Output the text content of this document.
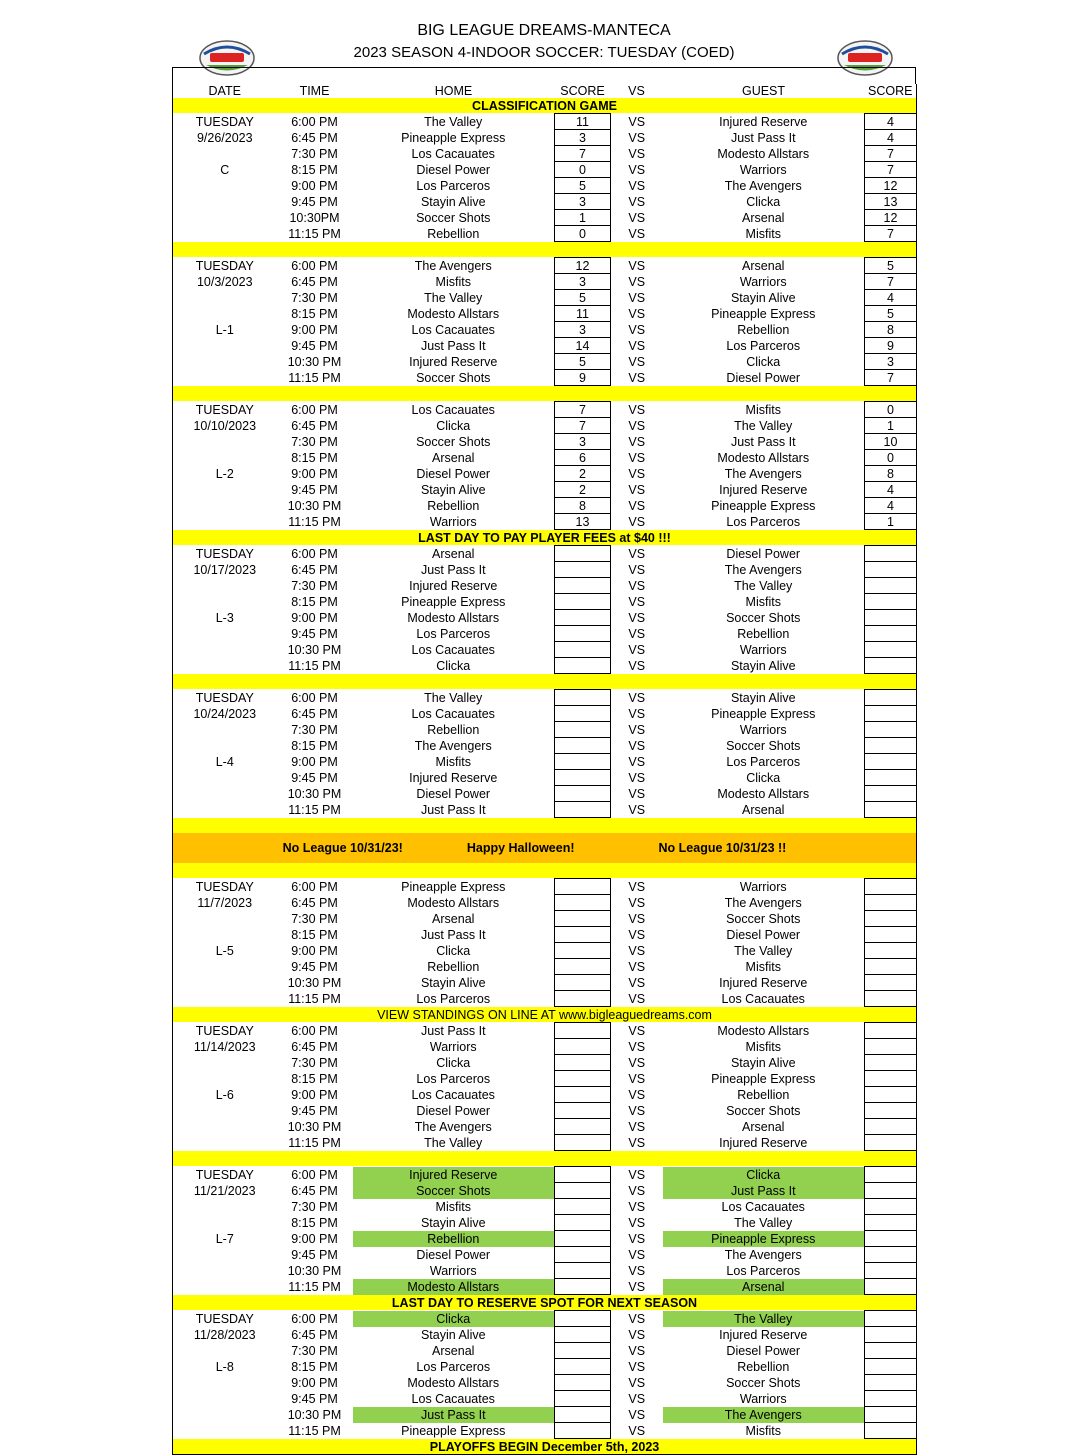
BIG LEAGUE DREAMS-MANTECA
2023 SEASON 4-INDOOR SOCCER: TUESDAY (COED)
DATE	TIME	HOME	SCORE	VS	GUEST	SCORE
CLASSIFICATION GAME						
TUESDAY	6:00 PM	The Valley	11	VS	Injured Reserve	4
9/26/2023	6:45 PM	Pineapple Express	3	VS	Just Pass It	4
	7:30 PM	Los Cacauates	7	VS	Modesto Allstars	7
C	8:15 PM	Diesel Power	0	VS	Warriors	7
	9:00 PM	Los Parceros	5	VS	The Avengers	12
	9:45 PM	Stayin Alive	3	VS	Clicka	13
	10:30PM	Soccer Shots	1	VS	Arsenal	12
	11:15 PM	Rebellion	0	VS	Misfits	7

TUESDAY	6:00 PM	The Avengers	12	VS	Arsenal	5
10/3/2023	6:45 PM	Misfits	3	VS	Warriors	7
	7:30 PM	The Valley	5	VS	Stayin Alive	4
	8:15 PM	Modesto Allstars	11	VS	Pineapple Express	5
L-1	9:00 PM	Los Cacauates	3	VS	Rebellion	8
	9:45 PM	Just Pass It	14	VS	Los Parceros	9
	10:30 PM	Injured Reserve	5	VS	Clicka	3
	11:15 PM	Soccer Shots	9	VS	Diesel Power	7

TUESDAY	6:00 PM	Los Cacauates	7	VS	Misfits	0
10/10/2023	6:45 PM	Clicka	7	VS	The Valley	1
	7:30 PM	Soccer Shots	3	VS	Just Pass It	10
	8:15 PM	Arsenal	6	VS	Modesto Allstars	0
L-2	9:00 PM	Diesel Power	2	VS	The Avengers	8
	9:45 PM	Stayin Alive	2	VS	Injured Reserve	4
	10:30 PM	Rebellion	8	VS	Pineapple Express	4
	11:15 PM	Warriors	13	VS	Los Parceros	1
LAST DAY TO PAY PLAYER FEES at $40 !!!						
TUESDAY	6:00 PM	Arsenal		VS	Diesel Power	
10/17/2023	6:45 PM	Just Pass It		VS	The Avengers	
	7:30 PM	Injured Reserve		VS	The Valley	
	8:15 PM	Pineapple Express		VS	Misfits	
L-3	9:00 PM	Modesto Allstars		VS	Soccer Shots	
	9:45 PM	Los Parceros		VS	Rebellion	
	10:30 PM	Los Cacauates		VS	Warriors	
	11:15 PM	Clicka		VS	Stayin Alive	

TUESDAY	6:00 PM	The Valley		VS	Stayin Alive	
10/24/2023	6:45 PM	Los Cacauates		VS	Pineapple Express	
	7:30 PM	Rebellion		VS	Warriors	
	8:15 PM	The Avengers		VS	Soccer Shots	
L-4	9:00 PM	Misfits		VS	Los Parceros	
	9:45 PM	Injured Reserve		VS	Clicka	
	10:30 PM	Diesel Power		VS	Modesto Allstars	
	11:15 PM	Just Pass It		VS	Arsenal	

No League 10/31/23! Happy Halloween! No League 10/31/23 !!						

TUESDAY	6:00 PM	Pineapple Express		VS	Warriors	
11/7/2023	6:45 PM	Modesto Allstars		VS	The Avengers	
	7:30 PM	Arsenal		VS	Soccer Shots	
	8:15 PM	Just Pass It		VS	Diesel Power	
L-5	9:00 PM	Clicka		VS	The Valley	
	9:45 PM	Rebellion		VS	Misfits	
	10:30 PM	Stayin Alive		VS	Injured Reserve	
	11:15 PM	Los Parceros		VS	Los Cacauates	
VIEW STANDINGS ON LINE AT www.bigleaguedreams.com						
TUESDAY	6:00 PM	Just Pass It		VS	Modesto Allstars	
11/14/2023	6:45 PM	Warriors		VS	Misfits	
	7:30 PM	Clicka		VS	Stayin Alive	
	8:15 PM	Los Parceros		VS	Pineapple Express	
L-6	9:00 PM	Los Cacauates		VS	Rebellion	
	9:45 PM	Diesel Power		VS	Soccer Shots	
	10:30 PM	The Avengers		VS	Arsenal	
	11:15 PM	The Valley		VS	Injured Reserve	

TUESDAY	6:00 PM	Injured Reserve		VS	Clicka	
11/21/2023	6:45 PM	Soccer Shots		VS	Just Pass It	
	7:30 PM	Misfits		VS	Los Cacauates	
	8:15 PM	Stayin Alive		VS	The Valley	
L-7	9:00 PM	Rebellion		VS	Pineapple Express	
	9:45 PM	Diesel Power		VS	The Avengers	
	10:30 PM	Warriors		VS	Los Parceros	
	11:15 PM	Modesto Allstars		VS	Arsenal	
LAST DAY TO RESERVE SPOT FOR NEXT SEASON						
TUESDAY	6:00 PM	Clicka		VS	The Valley	
11/28/2023	6:45 PM	Stayin Alive		VS	Injured Reserve	
	7:30 PM	Arsenal		VS	Diesel Power	
L-8	8:15 PM	Los Parceros		VS	Rebellion	
	9:00 PM	Modesto Allstars		VS	Soccer Shots	
	9:45 PM	Los Cacauates		VS	Warriors	
	10:30 PM	Just Pass It		VS	The Avengers	
	11:15 PM	Pineapple Express		VS	Misfits	
PLAYOFFS BEGIN December 5th, 2023						
